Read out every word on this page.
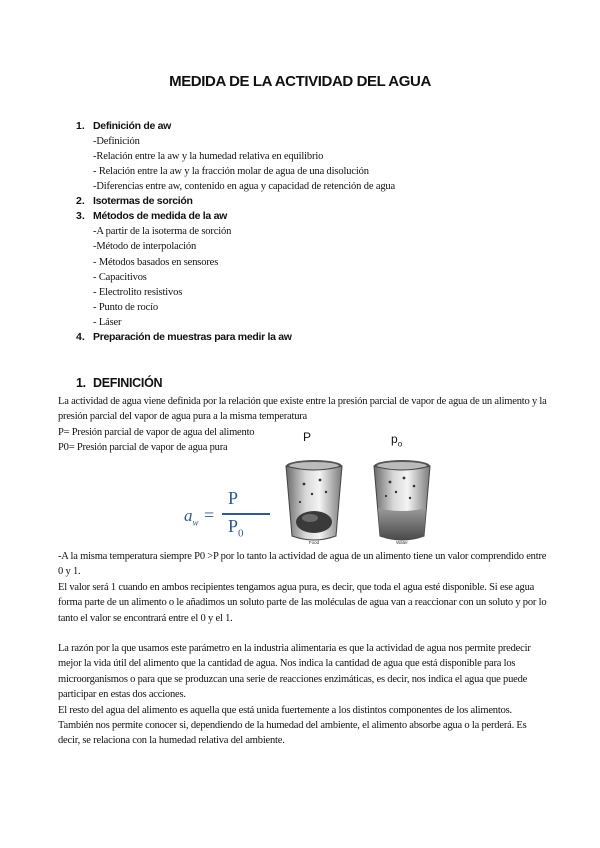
MEDIDA DE LA ACTIVIDAD DEL AGUA
1. Definición de aw
-Definición
-Relación entre la aw y la humedad relativa en equilibrio
- Relación entre la aw y la fracción molar de agua de una disolución
-Diferencias entre aw, contenido en agua y capacidad de retención de agua
2. Isotermas de sorción
3. Métodos de medida de la aw
-A partir de la isoterma de sorción
-Método de interpolación
- Métodos basados en sensores
- Capacitivos
- Electrolito resistivos
- Punto de rocío
- Láser
4. Preparación de muestras para medir la aw
1. DEFINICIÓN

La actividad de agua viene definida por la relación que existe entre la presión parcial de vapor de agua de un alimento y la presión parcial del vapor de agua pura a la misma temperatura

P= Presión parcial de vapor de agua del alimento

P0= Presión parcial de vapor de agua pura

$a_w$ =
P
$P_0$
P
Food
$p_o$
Water

-A la misma temperatura siempre P0 >P por lo tanto la actividad de agua de un alimento tiene un valor comprendido entre 0 y 1.

El valor será 1 cuando en ambos recipientes tengamos agua pura, es decir, que toda el agua esté disponible. Si ese agua forma parte de un alimento o le añadimos un soluto parte de las moléculas de agua van a reaccionar con un soluto y por lo tanto el valor se encontrará entre el 0 y el 1.

La razón por la que usamos este parámetro en la industria alimentaria es que la actividad de agua nos permite predecir mejor la vida útil del alimento que la cantidad de agua. Nos indica la cantidad de agua que está disponible para los microorganismos o para que se produzcan una serie de reacciones enzimáticas, es decir, nos indica el agua que puede participar en estas dos acciones.

El resto del agua del alimento es aquella que está unida fuertemente a los distintos componentes de los alimentos.

También nos permite conocer si, dependiendo de la humedad del ambiente, el alimento absorbe agua o la perderá. Es decir, se relaciona con la humedad relativa del ambiente.
